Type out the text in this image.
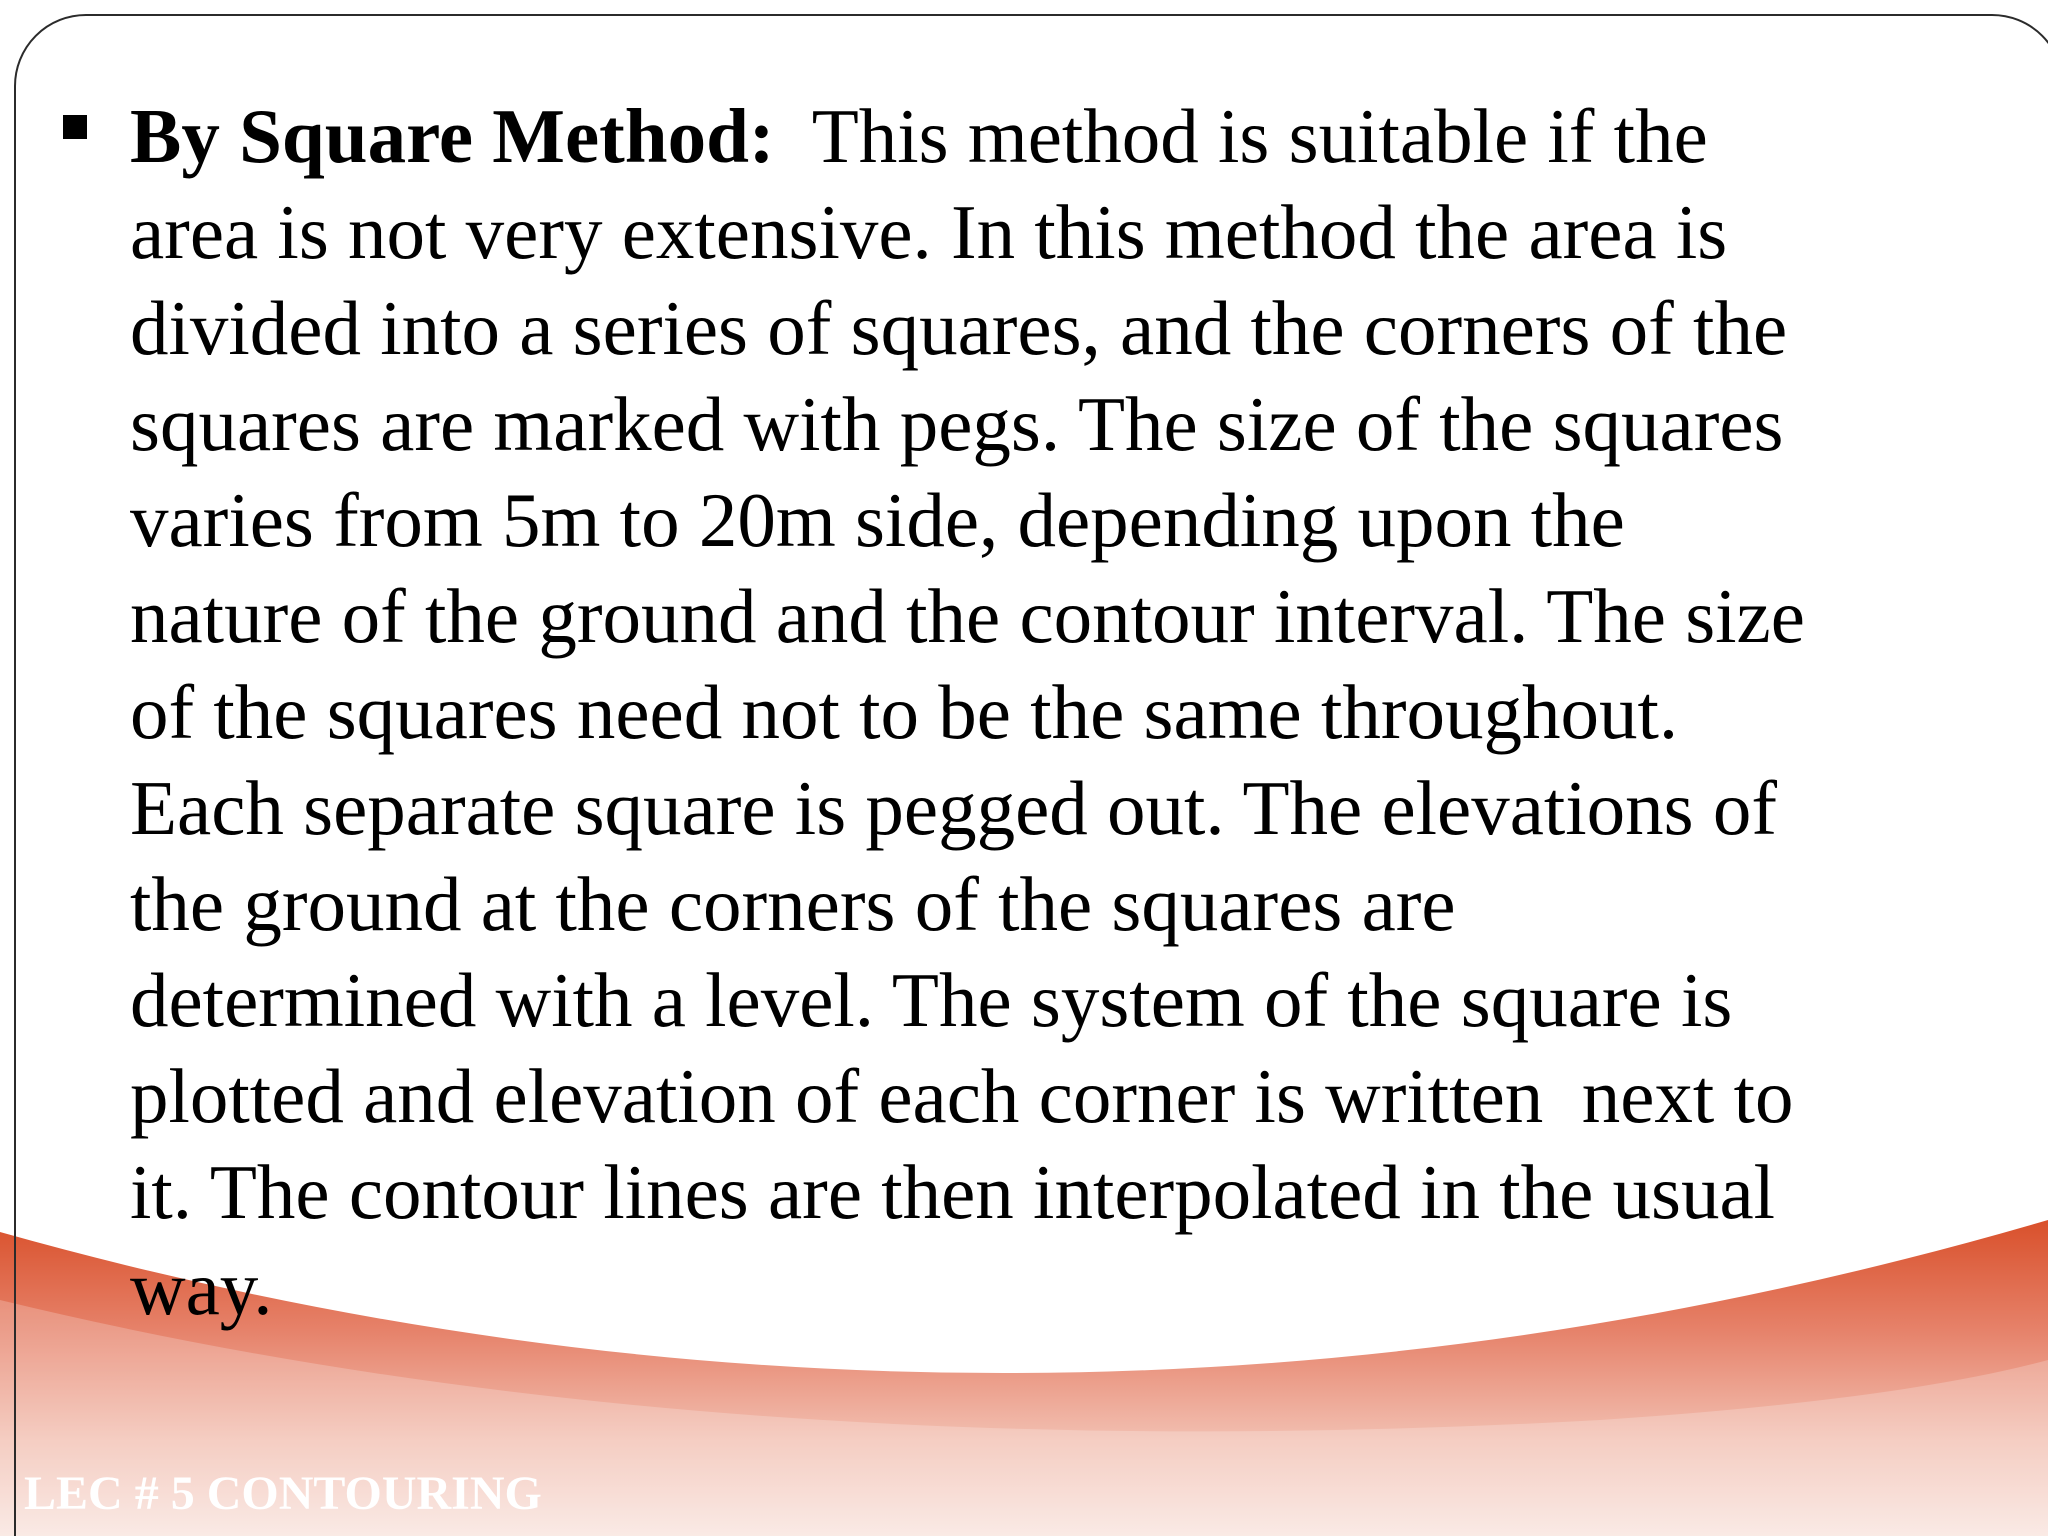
By Square Method: This method is suitable if the
area is not very extensive. In this method the area is
divided into a series of squares, and the corners of the
squares are marked with pegs. The size of the squares
varies from 5m to 20m side, depending upon the
nature of the ground and the contour interval. The size
of the squares need not to be the same throughout.
Each separate square is pegged out. The elevations of
the ground at the corners of the squares are
determined with a level. The system of the square is
plotted and elevation of each corner is written  next to
it. The contour lines are then interpolated in the usual
way.
LEC # 5 CONTOURING
